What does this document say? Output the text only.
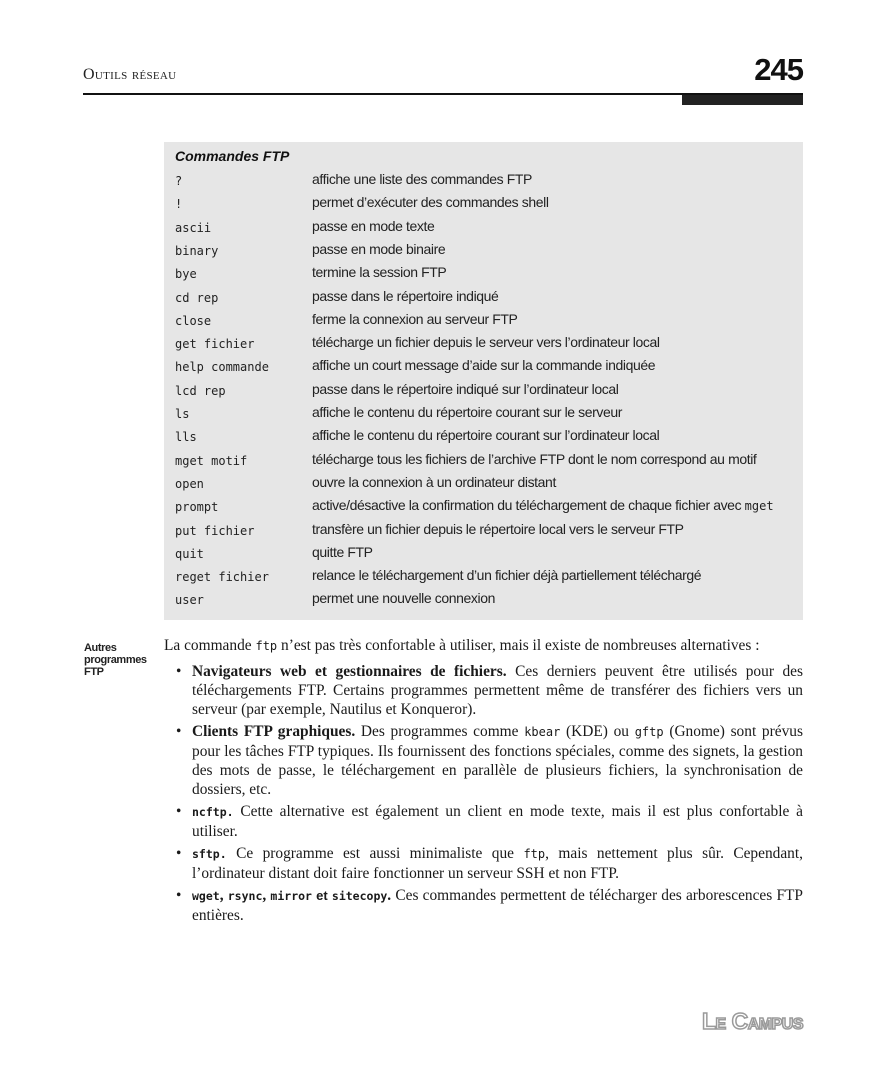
Outils réseau	245
Commandes FTP
?	affiche une liste des commandes FTP
!	permet d’exécuter des commandes shell
ascii	passe en mode texte
binary	passe en mode binaire
bye	termine la session FTP
cd rep	passe dans le répertoire indiqué
close	ferme la connexion au serveur FTP
get fichier	télécharge un fichier depuis le serveur vers l’ordinateur local
help commande	affiche un court message d’aide sur la commande indiquée
lcd rep	passe dans le répertoire indiqué sur l’ordinateur local
ls	affiche le contenu du répertoire courant sur le serveur
lls	affiche le contenu du répertoire courant sur l’ordinateur local
mget motif	télécharge tous les fichiers de l’archive FTP dont le nom correspond au motif
open	ouvre la connexion à un ordinateur distant
prompt	active/désactive la confirmation du téléchargement de chaque fichier avec mget
put fichier	transfère un fichier depuis le répertoire local vers le serveur FTP
quit	quitte FTP
reget fichier	relance le téléchargement d’un fichier déjà partiellement téléchargé
user	permet une nouvelle connexion
Autres
programmes
FTP

La commande ftp n’est pas très confortable à utiliser, mais il existe de nombreuses alternatives :

• Navigateurs web et gestionnaires de fichiers. Ces derniers peuvent être utilisés pour des téléchargements FTP. Certains programmes permettent même de transférer des fichiers vers un serveur (par exemple, Nautilus et Konqueror).
• Clients FTP graphiques. Des programmes comme kbear (KDE) ou gftp (Gnome) sont prévus pour les tâches FTP typiques. Ils fournissent des fonctions spéciales, comme des signets, la gestion des mots de passe, le téléchargement en parallèle de plusieurs fichiers, la synchronisation de dossiers, etc.
• ncftp. Cette alternative est également un client en mode texte, mais il est plus confortable à utiliser.
• sftp. Ce programme est aussi minimaliste que ftp, mais nettement plus sûr. Cependant, l’ordinateur distant doit faire fonctionner un serveur SSH et non FTP.
• wget, rsync, mirror et sitecopy. Ces commandes permettent de télécharger des arborescences FTP entières.
Le Campus
